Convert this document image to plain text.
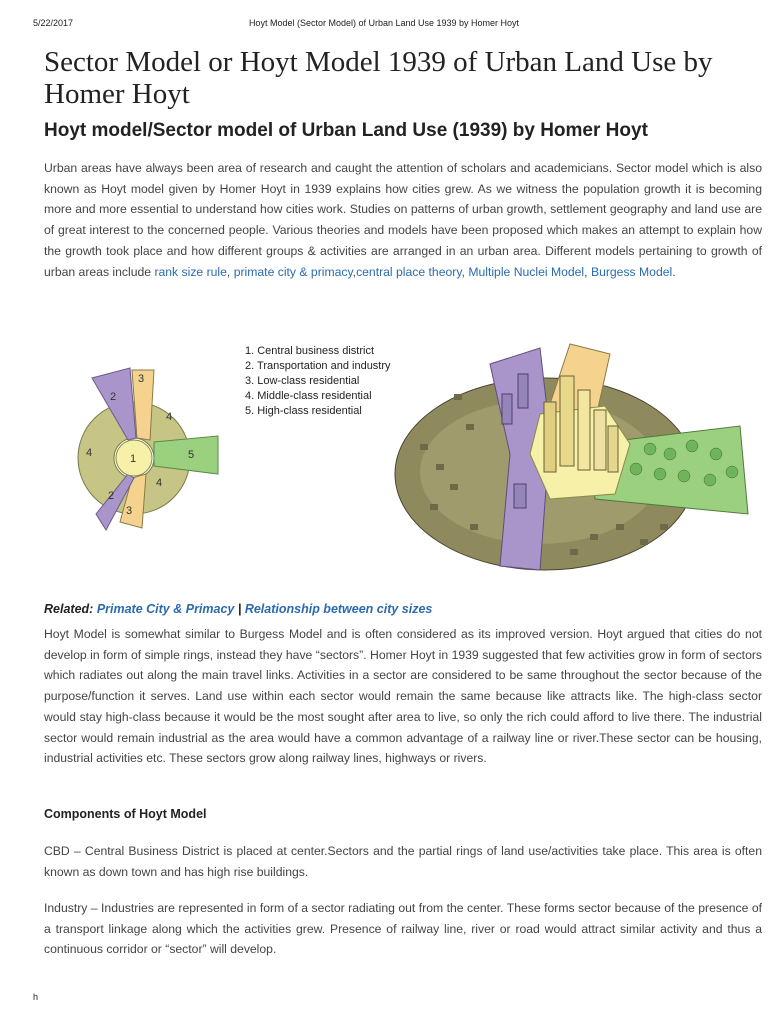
5/22/2017	Hoyt Model (Sector Model) of Urban Land Use 1939 by Homer Hoyt
Sector Model or Hoyt Model 1939 of Urban Land Use by Homer Hoyt
Hoyt model/Sector model of Urban Land Use (1939) by Homer Hoyt

Urban areas have always been area of research and caught the attention of scholars and academicians. Sector model which is also known as Hoyt model given by Homer Hoyt in 1939 explains how cities grew. As we witness the population growth it is becoming more and more essential to understand how cities work. Studies on patterns of urban growth, settlement geography and land use are of great interest to the concerned people. Various theories and models have been proposed which makes an attempt to explain how the growth took place and how different groups & activities are arranged in an urban area. Different models pertaining to growth of urban areas include rank size rule, primate city & primacy,central place theory, Multiple Nuclei Model, Burgess Model.

1
2
2
3
3
4
4
4
5
1. Central business district
2. Transportation and industry
3. Low-class residential
4. Middle-class residential
5. High-class residential

Related: Primate City & Primacy | Relationship between city sizes

Hoyt Model is somewhat similar to Burgess Model and is often considered as its improved version. Hoyt argued that cities do not develop in form of simple rings, instead they have “sectors”. Homer Hoyt in 1939 suggested that few activities grow in form of sectors which radiates out along the main travel links. Activities in a sector are considered to be same throughout the sector because of the purpose/function it serves. Land use within each sector would remain the same because like attracts like. The high-class sector would stay high-class because it would be the most sought after area to live, so only the rich could afford to live there. The industrial sector would remain industrial as the area would have a common advantage of a railway line or river.These sector can be housing, industrial activities etc. These sectors grow along railway lines, highways or rivers.

Components of Hoyt Model

CBD – Central Business District is placed at center.Sectors and the partial rings of land use/activities take place. This area is often known as down town and has high rise buildings.

Industry – Industries are represented in form of a sector radiating out from the center. These forms sector because of the presence of a transport linkage along which the activities grew. Presence of railway line, river or road would attract similar activity and thus a continuous corridor or “sector” will develop.

h
